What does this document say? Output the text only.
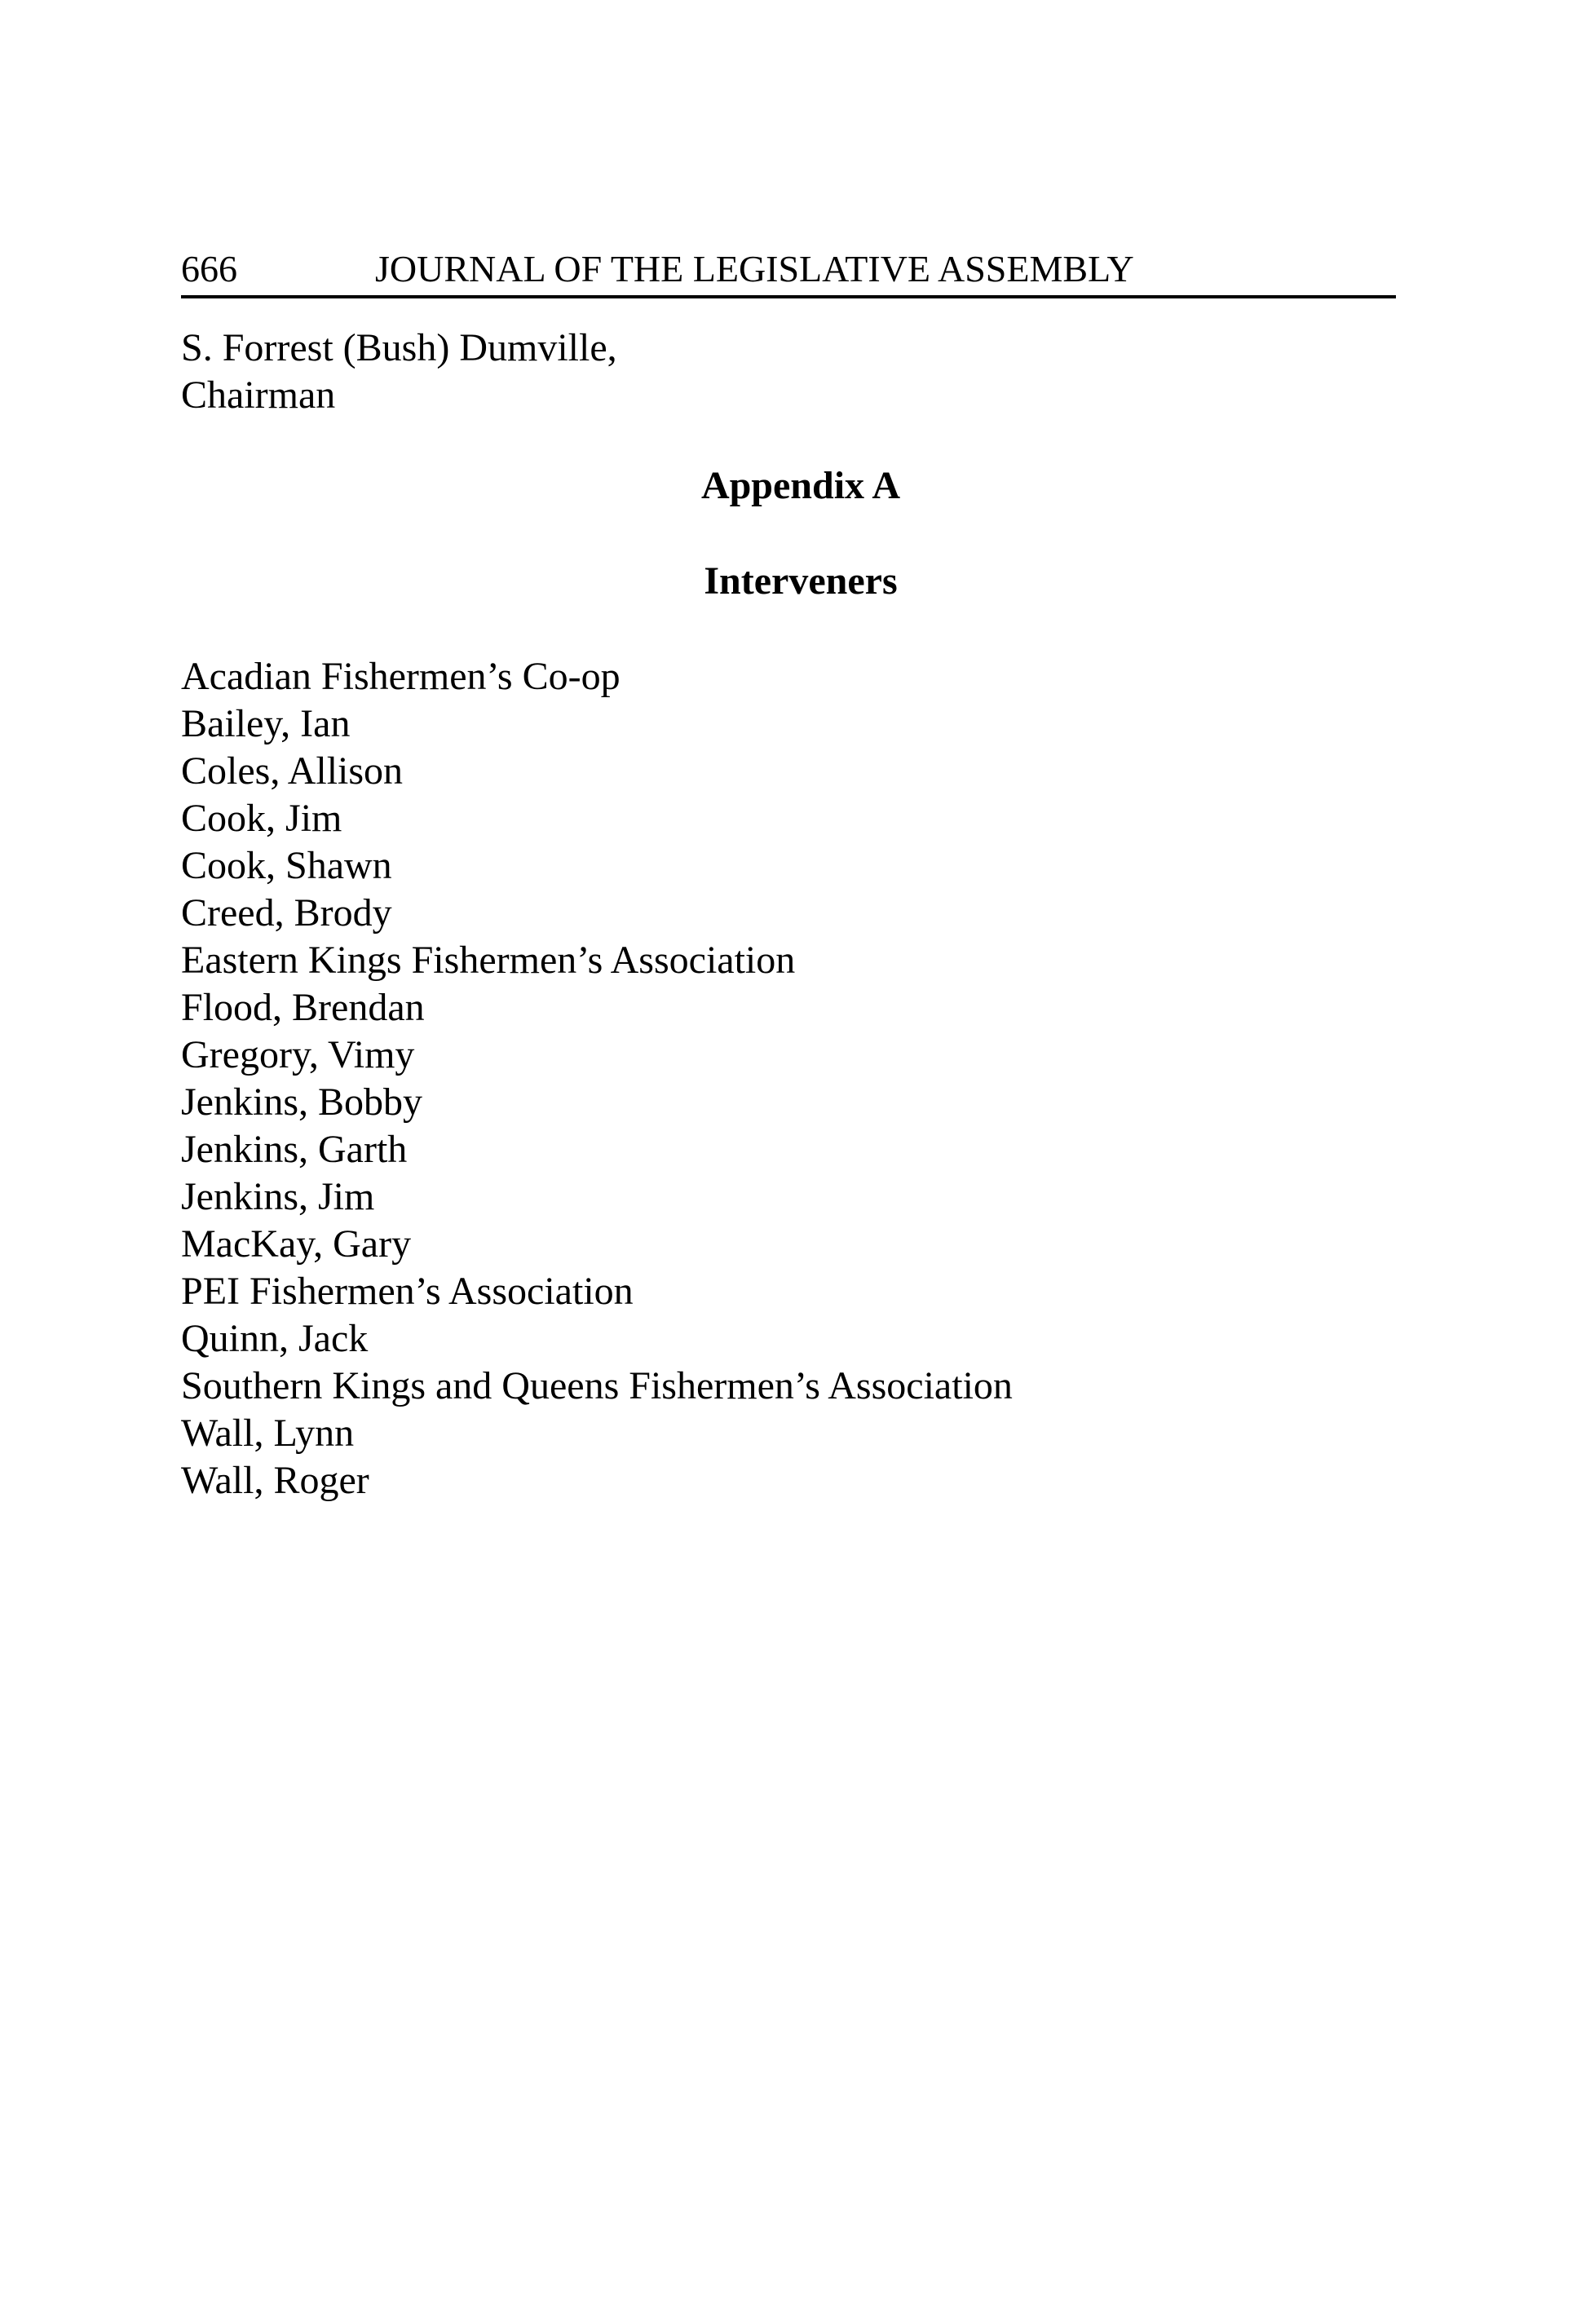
666	JOURNAL OF THE LEGISLATIVE ASSEMBLY
S. Forrest (Bush) Dumville,
Chairman
Appendix A
Interveners
Acadian Fishermen’s Co-op
Bailey, Ian
Coles, Allison
Cook, Jim
Cook, Shawn
Creed, Brody
Eastern Kings Fishermen’s Association
Flood, Brendan
Gregory, Vimy
Jenkins, Bobby
Jenkins, Garth
Jenkins, Jim
MacKay, Gary
PEI Fishermen’s Association
Quinn, Jack
Southern Kings and Queens Fishermen’s Association
Wall, Lynn
Wall, Roger
